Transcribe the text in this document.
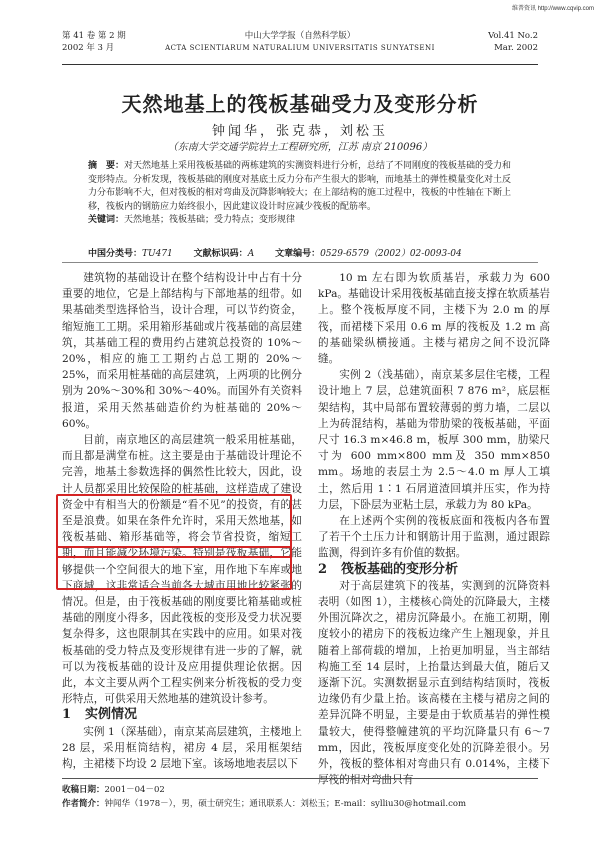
维普资讯 http://www.cqvip.com
第 41 卷 第 2 期
2002 年 3 月
中山大学学报（自然科学版）
ACTA SCIENTIARUM NATURALIUM UNIVERSITATIS SUNYATSENI
Vol.41 No.2
Mar. 2002
天然地基上的筏板基础受力及变形分析
钟闻华，张克恭，刘松玉
（东南大学交通学院岩土工程研究所，江苏 南京 210096）
摘　要：对天然地基上采用筏板基础的两栋建筑的实测资料进行分析，总结了不同刚度的筏板基础的受力和变形特点。分析发现，筏板基础的刚度对基底土反力分布产生很大的影响，而地基土的弹性模量变化对土反力分布影响不大，但对筏板的相对弯曲及沉降影响较大；在上部结构的施工过程中，筏板的中性轴在下断上移，筏板内的钢筋应力始终很小，因此建议设计时应减少筏板的配筋率。
关键词：天然地基；筏板基础；受力特点；变形规律
中国分类号：TU471 文献标识码：A 文章编号：0529-6579（2002）02-0093-04

建筑物的基础设计在整个结构设计中占有十分重要的地位，它是上部结构与下部地基的纽带。如果基础类型选择恰当，设计合理，可以节约资金，缩短施工工期。采用箱形基础或片筏基础的高层建筑，其基础工程的费用约占建筑总投资的 10%～20%，相应的施工工期约占总工期的 20%～25%，而采用桩基础的高层建筑，上两项的比例分别为 20%～30%和 30%～40%。而国外有关资料报道，采用天然基础造价约为桩基础的 20%～60%。

目前，南京地区的高层建筑一般采用桩基础，而且都是满堂布桩。这主要是由于基础设计理论不完善，地基土参数选择的偶然性比较大，因此，设计人员都采用比较保险的桩基础，这样造成了建设资金中有相当大的份额是“看不见”的投资，有的甚至是浪费。如果在条件允许时，采用天然地基，如筏板基础、箱形基础等，将会节省投资，缩短工期，而且能减少环境污染。特别是筏板基础，它能够提供一个空间很大的地下室，用作地下车库或地下商城，这非常适合当前各大城市用地比较紧张的情况。但是，由于筏板基础的刚度要比箱基础或桩基础的刚度小得多，因此筏板的变形及受力状况要复杂得多，这也限制其在实践中的应用。如果对筏板基础的受力特点及变形规律有进一步的了解，就可以为筏板基础的设计及应用提供理论依据。因此，本文主要从两个工程实例来分析筏板的受力变形特点，可供采用天然地基的建筑设计参考。

1 实例情况

实例 1（深基础），南京某高层建筑，主楼地上 28 层，采用框筒结构，裙房 4 层，采用框架结构，主裙楼下均设 2 层地下室。该场地地表层以下

10 m 左右即为软质基岩，承载力为 600 kPa。基础设计采用筏板基础直接支撑在软质基岩上。整个筏板厚度不同，主楼下为 2.0 m 的厚筏，而裙楼下采用 0.6 m 厚的筏板及 1.2 m 高的基础梁纵横接通。主楼与裙房之间不设沉降缝。

实例 2（浅基础），南京某多层住宅楼，工程设计地上 7 层，总建筑面积 7 876 m²，底层框架结构，其中局部布置较薄弱的剪力墙，二层以上为砖混结构，基础为带肋梁的筏板基础，平面尺寸 16.3 m×46.8 m，板厚 300 mm，肋梁尺寸为 600 mm×800 mm及 350 mm×850 mm。场地的表层土为 2.5～4.0 m 厚人工填土，然后用 1∶1 石屑道渣回填并压实，作为持力层，下卧层为亚粘土层，承载力为 80 kPa。

在上述两个实例的筏板底面和筏板内各布置了若干个土压力计和钢筋计用于监测，通过跟踪监测，得到许多有价值的数据。

2 筏板基础的变形分析

对于高层建筑下的筏基，实测到的沉降资料表明（如图 1），主楼核心筒处的沉降最大，主楼外围沉降次之，裙房沉降最小。在施工初期，刚度较小的裙房下的筏板边缘产生上翘现象，并且随着上部荷载的增加，上抬更加明显，当主部结构施工至 14 层时，上抬量达到最大值，随后又逐渐下沉。实测数据显示直到结构结顶时，筏板边缘仍有少量上抬。该高楼在主楼与裙房之间的差异沉降不明显，主要是由于软质基岩的弹性模量较大，使得整幢建筑的平均沉降量只有 6～7 mm，因此，筏板厚度变化处的沉降差很小。另外，筏板的整体相对弯曲只有 0.014%，主楼下厚筏的相对弯曲只有

收稿日期：2001－04－02
作者简介：钟闻华（1978－），男，硕士研究生；通讯联系人：刘松玉；E-mail：sylliu30@hotmail.com
